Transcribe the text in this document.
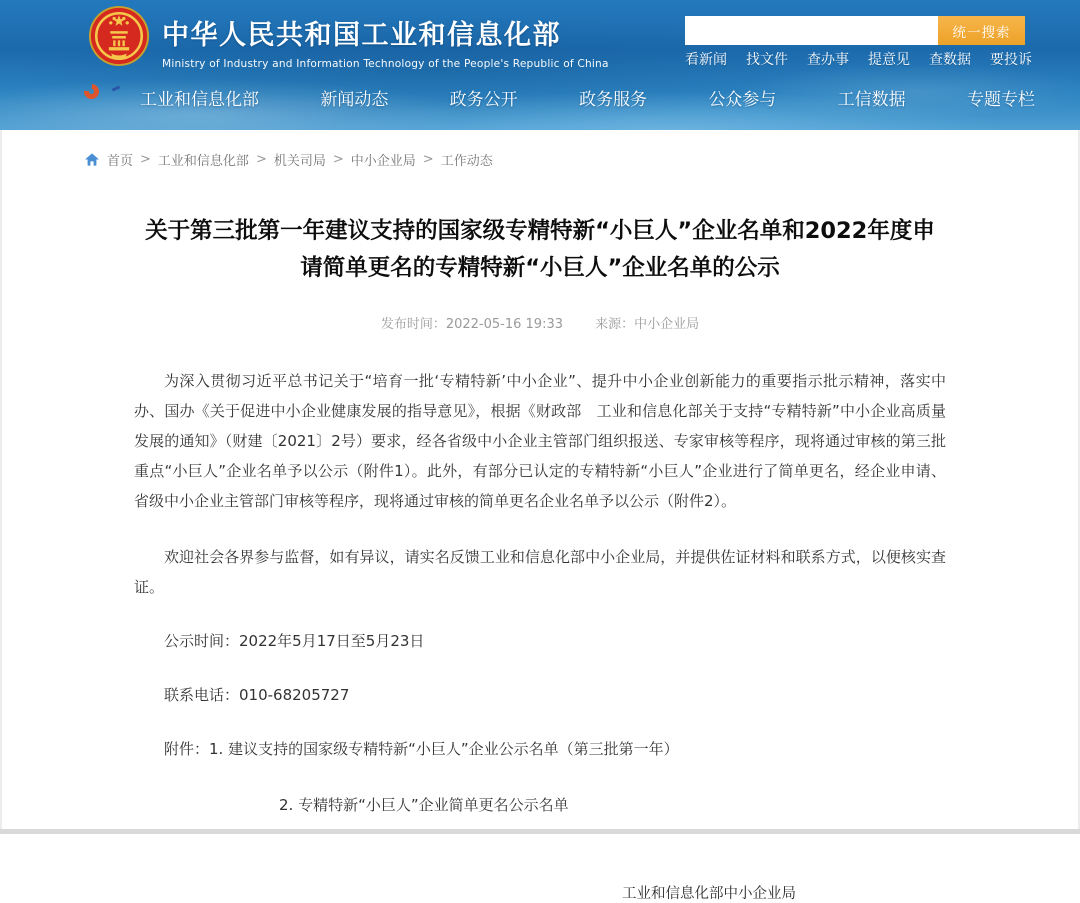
中华人民共和国工业和信息化部
Ministry of Industry and Information Technology of the People's Republic of China
统一搜索
看新闻 找文件 查办事 提意见 查数据 要投诉
工业和信息化部	新闻动态	政务公开	政务服务	公众参与	工信数据	专题专栏
首页 > 工业和信息化部 > 机关司局 > 中小企业局 > 工作动态
关于第三批第一年建议支持的国家级专精特新“小巨人”企业名单和2022年度申请简单更名的专精特新“小巨人”企业名单的公示
发布时间：2022-05-16 19:33 来源：中小企业局

为深入贯彻习近平总书记关于“培育一批‘专精特新’中小企业”、提升中小企业创新能力的重要指示批示精神，落实中办、国办《关于促进中小企业健康发展的指导意见》，根据《财政部　工业和信息化部关于支持“专精特新”中小企业高质量发展的通知》（财建〔2021〕2号）要求，经各省级中小企业主管部门组织报送、专家审核等程序，现将通过审核的第三批重点“小巨人”企业名单予以公示（附件1）。此外，有部分已认定的专精特新“小巨人”企业进行了简单更名，经企业申请、省级中小企业主管部门审核等程序，现将通过审核的简单更名企业名单予以公示（附件2）。

欢迎社会各界参与监督，如有异议，请实名反馈工业和信息化部中小企业局，并提供佐证材料和联系方式，以便核实查证。

公示时间：2022年5月17日至5月23日

联系电话：010-68205727

附件：1. 建议支持的国家级专精特新“小巨人”企业公示名单（第三批第一年）

2. 专精特新“小巨人”企业简单更名公示名单

工业和信息化部中小企业局
